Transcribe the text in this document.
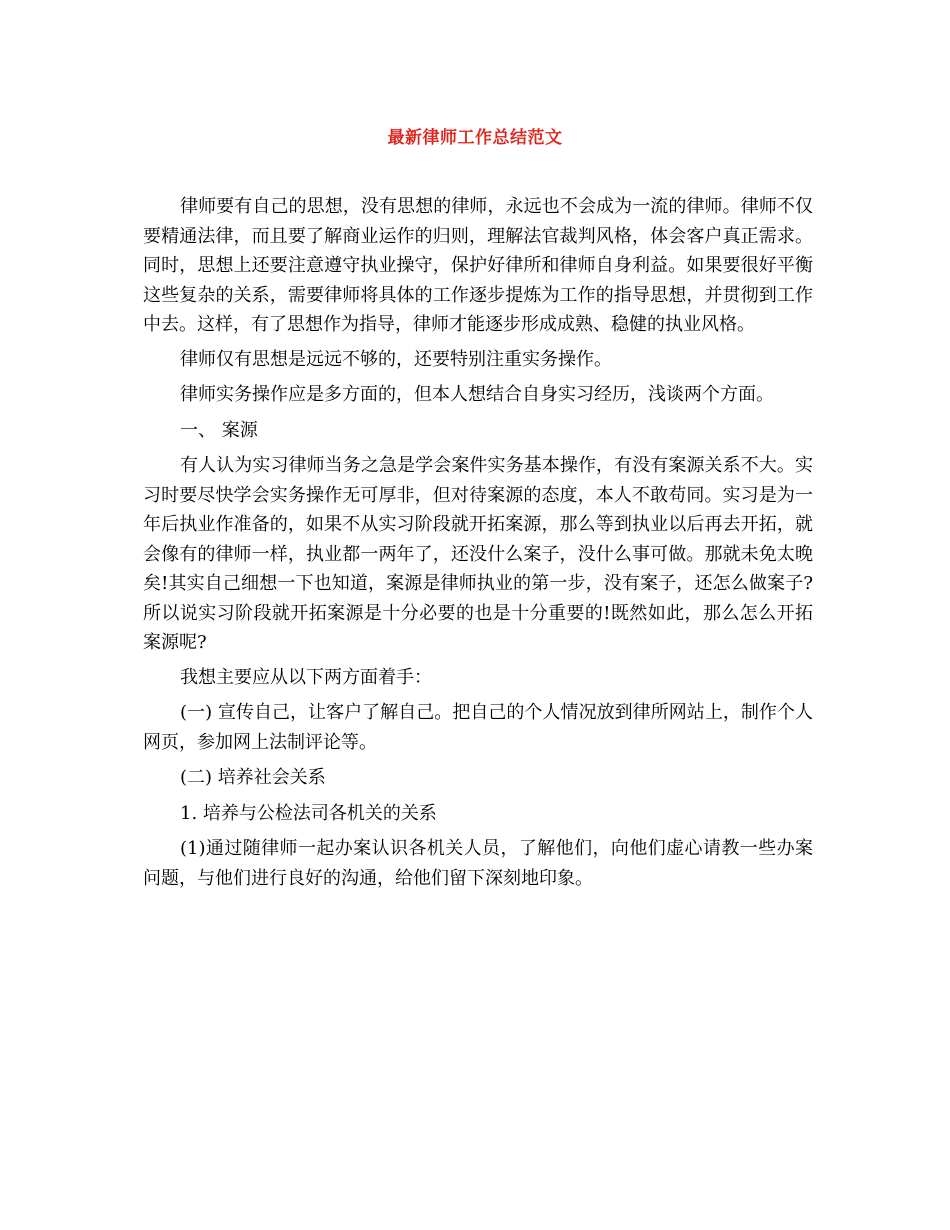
最新律师工作总结范文

律师要有自己的思想，没有思想的律师，永远也不会成为一流的律师。律师不仅要精通法律，而且要了解商业运作的归则，理解法官裁判风格，体会客户真正需求。同时，思想上还要注意遵守执业操守，保护好律所和律师自身利益。如果要很好平衡这些复杂的关系，需要律师将具体的工作逐步提炼为工作的指导思想，并贯彻到工作中去。这样，有了思想作为指导，律师才能逐步形成成熟、稳健的执业风格。

律师仅有思想是远远不够的，还要特别注重实务操作。

律师实务操作应是多方面的，但本人想结合自身实习经历，浅谈两个方面。

一、 案源

有人认为实习律师当务之急是学会案件实务基本操作，有没有案源关系不大。实习时要尽快学会实务操作无可厚非，但对待案源的态度，本人不敢苟同。实习是为一年后执业作准备的，如果不从实习阶段就开拓案源，那么等到执业以后再去开拓，就会像有的律师一样，执业都一两年了，还没什么案子，没什么事可做。那就未免太晚矣!其实自己细想一下也知道，案源是律师执业的第一步，没有案子，还怎么做案子?所以说实习阶段就开拓案源是十分必要的也是十分重要的!既然如此，那么怎么开拓案源呢?

我想主要应从以下两方面着手：

(一) 宣传自己，让客户了解自己。把自己的个人情况放到律所网站上，制作个人网页，参加网上法制评论等。

(二) 培养社会关系

1. 培养与公检法司各机关的关系

(1)通过随律师一起办案认识各机关人员，了解他们，向他们虚心请教一些办案问题，与他们进行良好的沟通，给他们留下深刻地印象。
